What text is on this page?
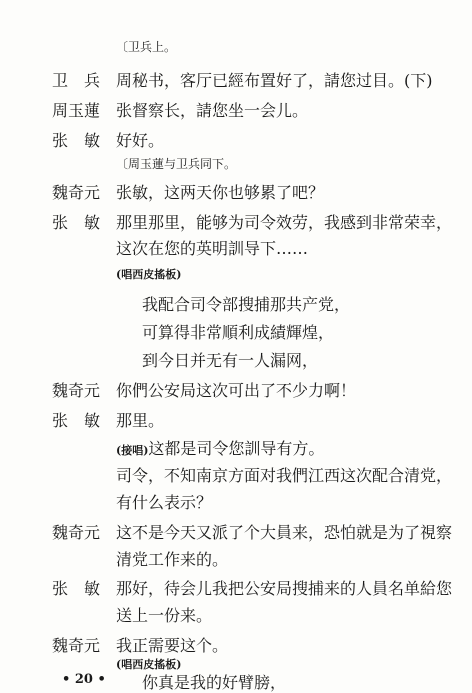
〔卫兵上。
卫　兵 周秘书，客厅已經布置好了，請您过目。(下)
周玉蓮 张督察长，請您坐一会儿。
张　敏 好好。
〔周玉蓮与卫兵同下。
魏奇元 张敏，这两天你也够累了吧？
张　敏 那里那里，能够为司令效劳，我感到非常荣幸，
这次在您的英明訓导下……
(唱西皮搖板)
我配合司令部搜捕那共产党，
可算得非常順利成績輝煌，
到今日并无有一人漏网，
魏奇元 你們公安局这次可出了不少力啊！
张　敏 那里。
(接唱)这都是司令您訓导有方。
司令，不知南京方面对我們江西这次配合清党，
有什么表示？
魏奇元 这不是今天又派了个大員来，恐怕就是为了視察
清党工作来的。
张　敏 那好，待会儿我把公安局搜捕来的人員名单給您
送上一份来。
魏奇元 我正需要这个。
(唱西皮搖板)
你真是我的好臂膀，
• 20 •
